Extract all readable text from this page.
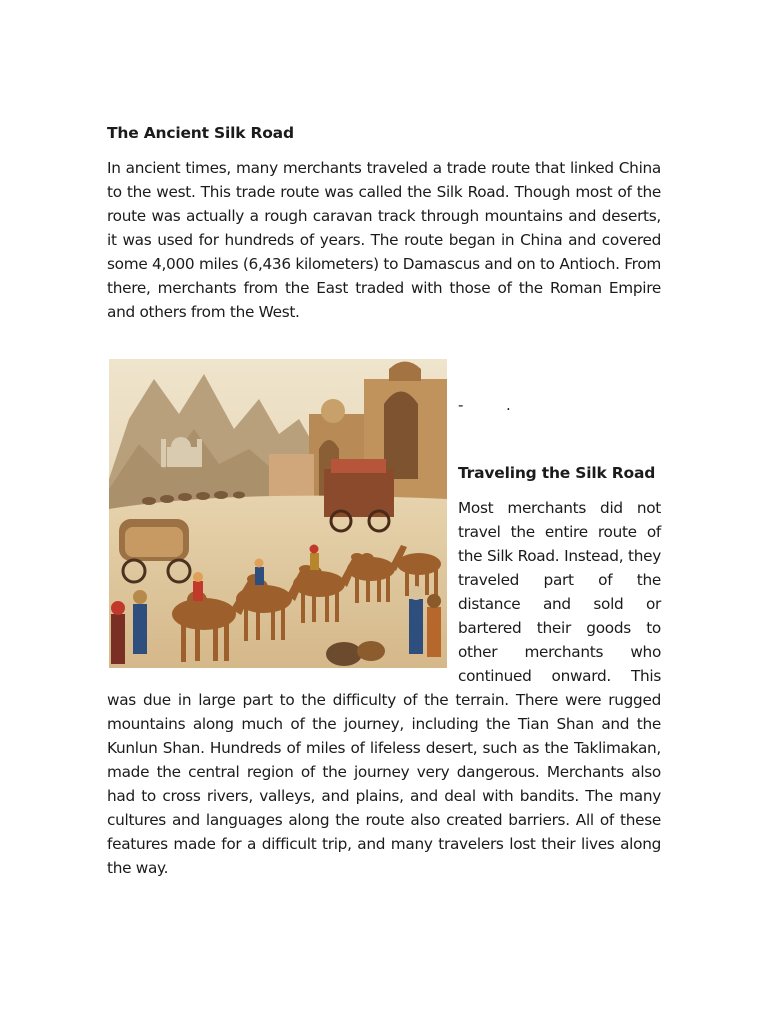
The Ancient Silk Road

In ancient times, many merchants traveled a trade route that linked China to the west. This trade route was called the Silk Road. Though most of the route was actually a rough caravan track through mountains and deserts, it was used for hundreds of years. The route began in China and covered some 4,000 miles (6,436 kilometers) to Damascus and on to Antioch. From there, merchants from the East traded with those of the Roman Empire and others from the West.

-	.
Traveling the Silk Road

Most merchants did not travel the entire route of the Silk Road. Instead, they traveled part of the distance and sold or bartered their goods to other merchants who continued onward. This was due in large part to the difficulty of the terrain. There were rugged mountains along much of the journey, including the Tian Shan and the Kunlun Shan. Hundreds of miles of lifeless desert, such as the Taklimakan, made the central region of the journey very dangerous. Merchants also had to cross rivers, valleys, and plains, and deal with bandits. The many cultures and languages along the route also created barriers. All of these features made for a difficult trip, and many travelers lost their lives along the way.
